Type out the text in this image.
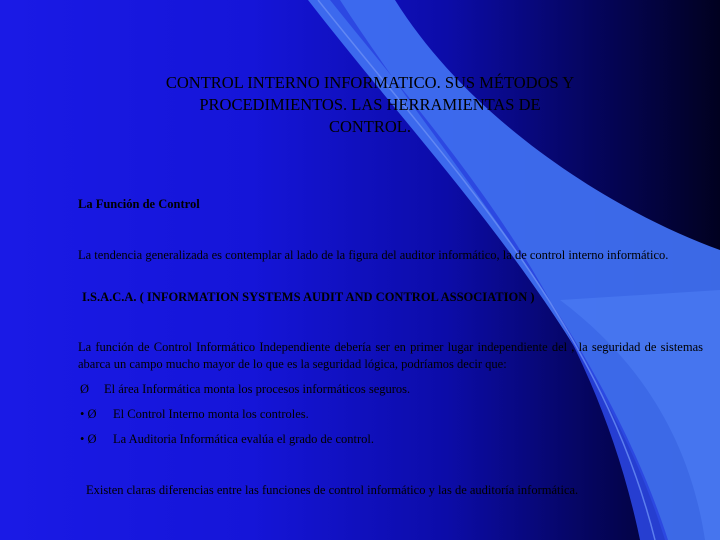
CONTROL INTERNO INFORMATICO. SUS MÉTODOS Y PROCEDIMIENTOS. LAS HERRAMIENTAS DE CONTROL.
La Función de Control
La tendencia generalizada es contemplar al lado de la figura del auditor informático, la de control interno informático.
I.S.A.C.A. ( INFORMATION SYSTEMS AUDIT AND CONTROL ASSOCIATION )
La función de Control Informático Independiente debería ser en primer lugar independiente del , la seguridad de sistemas abarca un campo mucho mayor de lo que es la seguridad lógica, podríamos decir que:
Ø El área Informática monta los procesos informáticos seguros.
• Ø El Control Interno monta los controles.
• Ø La Auditoria Informática evalúa el grado de control.
Existen claras diferencias entre las funciones de control informático y las de auditoría informática.
